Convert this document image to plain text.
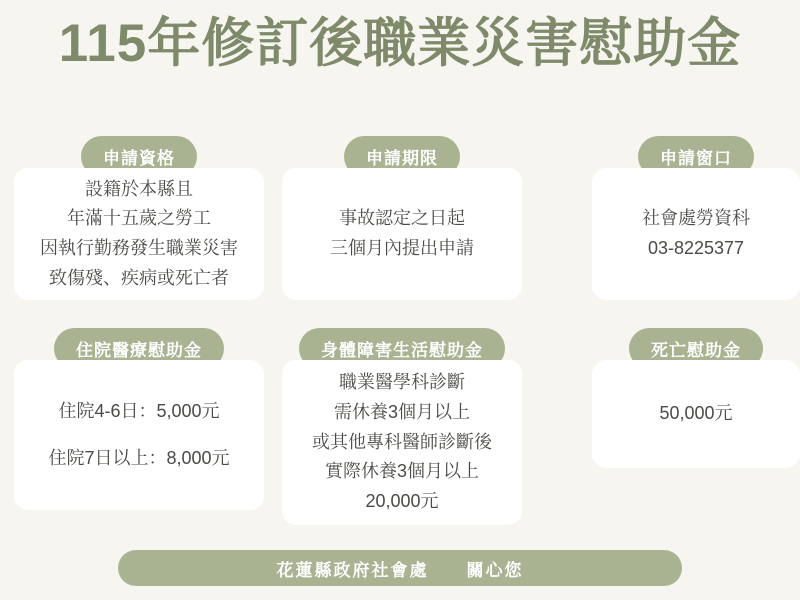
115年修訂後職業災害慰助金
申請資格
設籍於本縣且
年滿十五歲之勞工
因執行勤務發生職業災害
致傷殘、疾病或死亡者
申請期限
事故認定之日起
三個月內提出申請
申請窗口
社會處勞資科
03-8225377
住院醫療慰助金
住院4-6日：5,000元
住院7日以上：8,000元
身體障害生活慰助金
職業醫學科診斷
需休養3個月以上
或其他專科醫師診斷後
實際休養3個月以上
20,000元
死亡慰助金
50,000元
花蓮縣政府社會處　　關心您
